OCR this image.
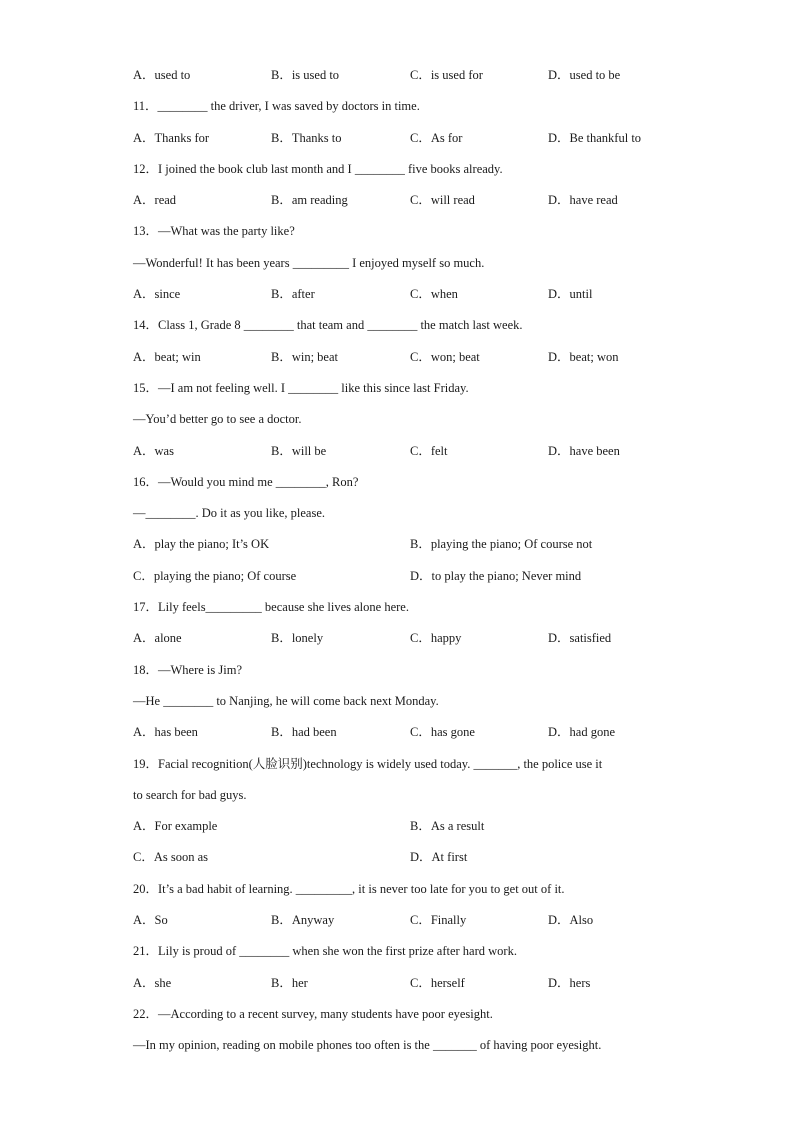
A．used to	B．is used to	C．is used for	D．used to be
11．________ the driver, I was saved by doctors in time.
A．Thanks for	B．Thanks to	C．As for	D．Be thankful to
12．I joined the book club last month and I ________ five books already.
A．read	B．am reading	C．will read	D．have read
13．—What was the party like?
—Wonderful! It has been years _________ I enjoyed myself so much.
A．since	B．after	C．when	D．until
14．Class 1, Grade 8 ________ that team and ________ the match last week.
A．beat; win	B．win; beat	C．won; beat	D．beat; won
15．—I am not feeling well. I ________ like this since last Friday.
—You’d better go to see a doctor.
A．was	B．will be	C．felt	D．have been
16．—Would you mind me ________, Ron?
—________. Do it as you like, please.
A．play the piano; It’s OK	B．playing the piano; Of course not
C．playing the piano; Of course	D．to play the piano; Never mind
17．Lily feels_________ because she lives alone here.
A．alone	B．lonely	C．happy	D．satisfied
18．—Where is Jim?
—He ________ to Nanjing, he will come back next Monday.
A．has been	B．had been	C．has gone	D．had gone
19．Facial recognition(人脸识别)technology is widely used today. _______, the police use it
to search for bad guys.
A．For example	B．As a result
C．As soon as	D．At first
20．It’s a bad habit of learning. _________, it is never too late for you to get out of it.
A．So	B．Anyway	C．Finally	D．Also
21．Lily is proud of ________ when she won the first prize after hard work.
A．she	B．her	C．herself	D．hers
22．—According to a recent survey, many students have poor eyesight.
—In my opinion, reading on mobile phones too often is the _______ of having poor eyesight.
